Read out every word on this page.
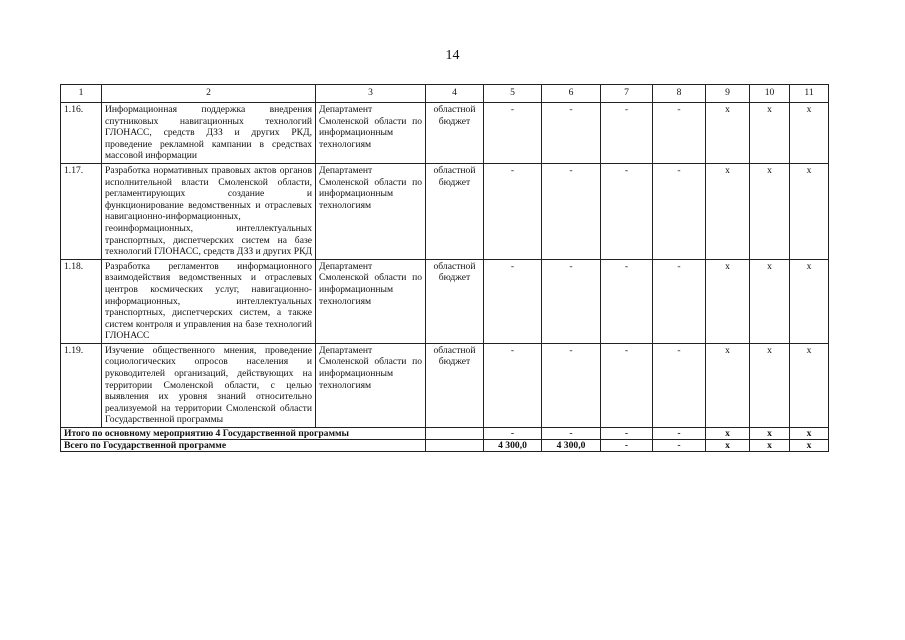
14
1	2	3	4	5	6	7	8	9	10	11
1.16.	Информационная поддержка внедрения спутниковых навигационных технологий ГЛОНАСС, средств ДЗЗ и других РКД, проведение рекламной кампании в средствах массовой информации	Департамент Смоленской области по информационным технологиям	областной бюджет	-	-	-	-	х	х	х
1.17.	Разработка нормативных правовых актов органов исполнительной власти Смоленской области, регламентирующих создание и функционирование ведомственных и отраслевых навигационно-информационных, геоинформационных, интеллектуальных транспортных, диспетчерских систем на базе технологий ГЛОНАСС, средств ДЗЗ и других РКД	Департамент Смоленской области по информационным технологиям	областной бюджет	-	-	-	-	х	х	х
1.18.	Разработка регламентов информационного взаимодействия ведомственных и отраслевых центров космических услуг, навигационно-информационных, интеллектуальных транспортных, диспетчерских систем, а также систем контроля и управления на базе технологий ГЛОНАСС	Департамент Смоленской области по информационным технологиям	областной бюджет	-	-	-	-	х	х	х
1.19.	Изучение общественного мнения, проведение социологических опросов населения и руководителей организаций, действующих на территории Смоленской области, с целью выявления их уровня знаний относительно реализуемой на территории Смоленской области Государственной программы	Департамент Смоленской области по информационным технологиям	областной бюджет	-	-	-	-	х	х	х
Итого по основному мероприятию 4 Государственной программы				-	-	-	-	х	х	х
Всего по Государственной программе				4 300,0	4 300,0	-	-	х	х	х
